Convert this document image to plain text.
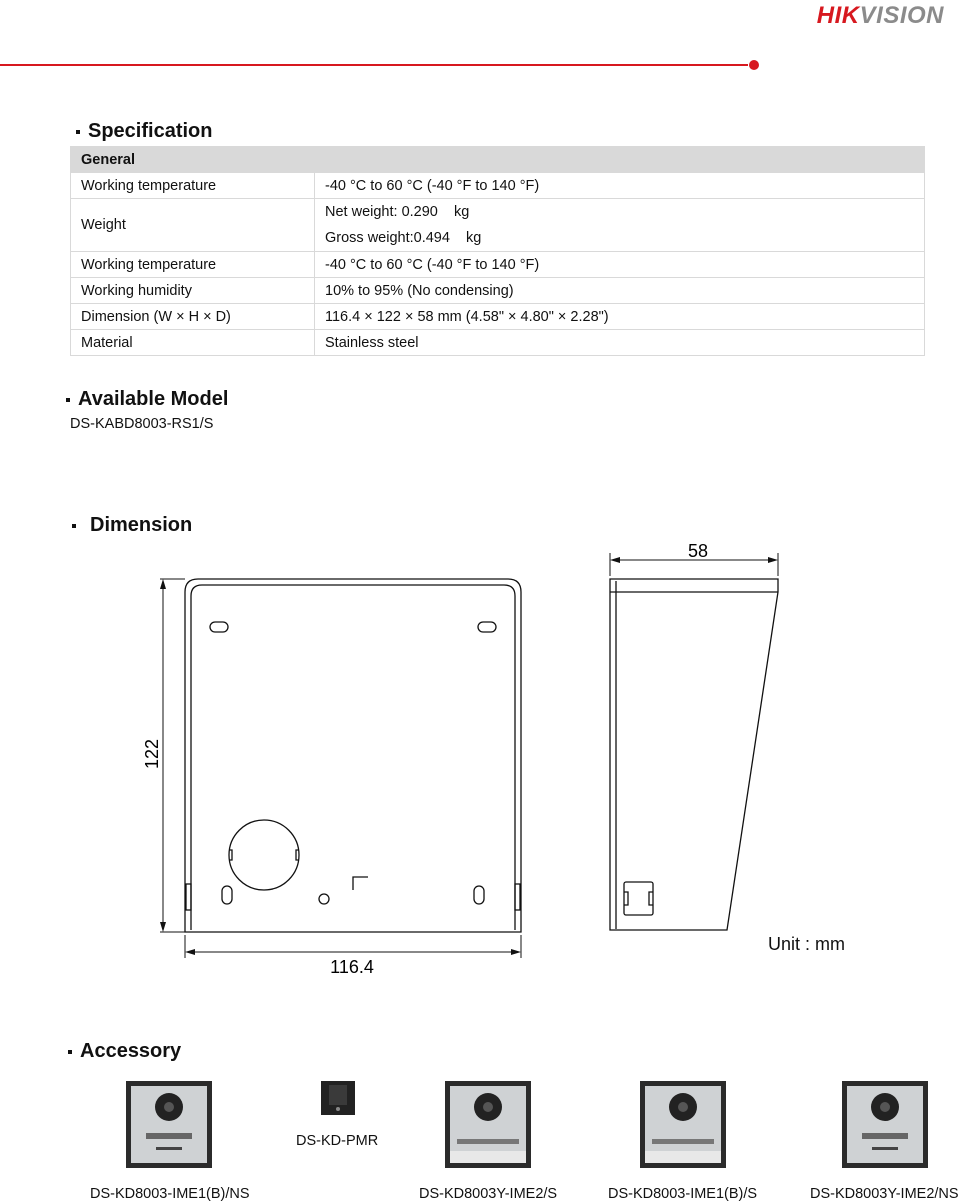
HIKVISION
Specification
General	
Working temperature	-40 °C to 60 °C (-40 °F to 140 °F)
Weight	Net weight: 0.290    kg
Gross weight:0.494    kg

Working temperature	-40 °C to 60 °C (-40 °F to 140 °F)
Working humidity	10% to 95% (No condensing)
Dimension (W × H × D)	116.4 × 122 × 58 mm (4.58" × 4.80" × 2.28")
Material	Stainless steel
Available Model
DS-KABD8003-RS1/S
Dimension
58
122
116.4
Unit : mm
Accessory
DS-KD8003-IME1(B)/NS
DS-KD-PMR
DS-KD8003Y-IME2/S	DS-KD8003-IME1(B)/S	DS-KD8003Y-IME2/NS
